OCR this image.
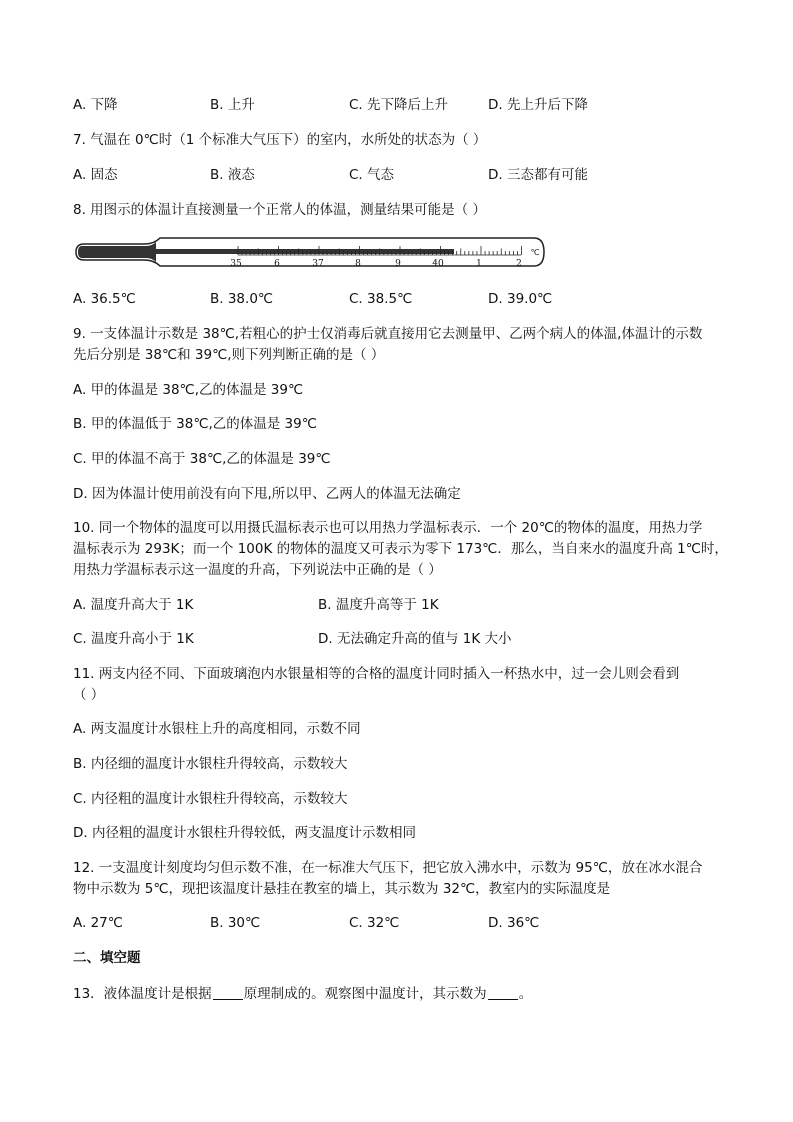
A. 下降	B. 上升	C. 先下降后上升	D. 先上升后下降
7. 气温在 0℃时（1 个标准大气压下）的室内，水所处的状态为（ ）
A. 固态	B. 液态	C. 气态	D. 三态都有可能
8. 用图示的体温计直接测量一个正常人的体温，测量结果可能是（ ）
35	6	37	8	9	40	1	2
℃
A. 36.5℃	B. 38.0℃	C. 38.5℃	D. 39.0℃
9. 一支体温计示数是 38℃,若粗心的护士仅消毒后就直接用它去测量甲、乙两个病人的体温,体温计的示数
先后分别是 38℃和 39℃,则下列判断正确的是（ ）
A. 甲的体温是 38℃,乙的体温是 39℃
B. 甲的体温低于 38℃,乙的体温是 39℃
C. 甲的体温不高于 38℃,乙的体温是 39℃
D. 因为体温计使用前没有向下甩,所以甲、乙两人的体温无法确定
10. 同一个物体的温度可以用摄氏温标表示也可以用热力学温标表示．一个 20℃的物体的温度，用热力学
温标表示为 293K；而一个 100K 的物体的温度又可表示为零下 173℃．那么，当自来水的温度升高 1℃时，
用热力学温标表示这一温度的升高，下列说法中正确的是（ ）
A. 温度升高大于 1K	B. 温度升高等于 1K
C. 温度升高小于 1K	D. 无法确定升高的值与 1K 大小
11. 两支内径不同、下面玻璃泡内水银量相等的合格的温度计同时插入一杯热水中，过一会儿则会看到
（ ）
A. 两支温度计水银柱上升的高度相同，示数不同
B. 内径细的温度计水银柱升得较高，示数较大
C. 内径粗的温度计水银柱升得较高，示数较大
D. 内径粗的温度计水银柱升得较低，两支温度计示数相同
12. 一支温度计刻度均匀但示数不准，在一标准大气压下，把它放入沸水中，示数为 95℃，放在冰水混合
物中示数为 5℃，现把该温度计悬挂在教室的墙上，其示数为 32℃，教室内的实际温度是
A. 27℃	B. 30℃	C. 32℃	D. 36℃
二、填空题
13．液体温度计是根据 原理制成的。观察图中温度计，其示数为 。
